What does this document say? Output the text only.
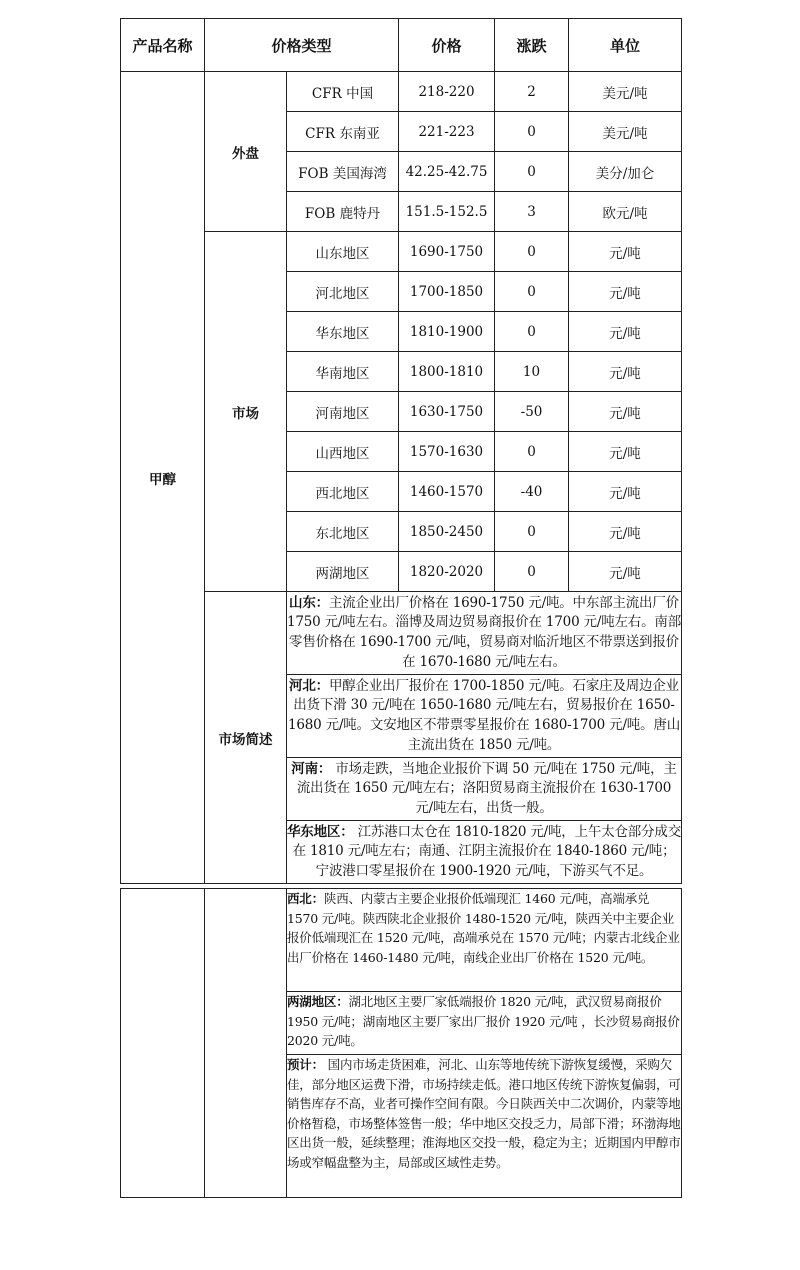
产品名称	价格类型		价格	涨跌	单位
甲醇	外盘	CFR 中国	218-220	2	美元/吨
		CFR 东南亚	221-223	0	美元/吨
		FOB 美国海湾	42.25-42.75	0	美分/加仑
		FOB 鹿特丹	151.5-152.5	3	欧元/吨
	市场	山东地区	1690-1750	0	元/吨
		河北地区	1700-1850	0	元/吨
		华东地区	1810-1900	0	元/吨
		华南地区	1800-1810	10	元/吨
		河南地区	1630-1750	-50	元/吨
		山西地区	1570-1630	0	元/吨
		西北地区	1460-1570	-40	元/吨
		东北地区	1850-2450	0	元/吨
		两湖地区	1820-2020	0	元/吨
	市场简述	山东：主流企业出厂价格在 1690-1750 元/吨。中东部主流出厂价 1750 元/吨左右。淄博及周边贸易商报价在 1700 元/吨左右。南部零售价格在 1690-1700 元/吨，贸易商对临沂地区不带票送到报价在 1670-1680 元/吨左右。			
		河北：甲醇企业出厂报价在 1700-1850 元/吨。石家庄及周边企业出货下滑 30 元/吨在 1650-1680 元/吨左右，贸易报价在 1650-1680 元/吨。文安地区不带票零星报价在 1680-1700 元/吨。唐山主流出货在 1850 元/吨。			
		河南： 市场走跌，当地企业报价下调 50 元/吨在 1750 元/吨，主流出货在 1650 元/吨左右；洛阳贸易商主流报价在 1630-1700 元/吨左右，出货一般。			
		华东地区： 江苏港口太仓在 1810-1820 元/吨，上午太仓部分成交在 1810 元/吨左右；南通、江阴主流报价在 1840-1860 元/吨；宁波港口零星报价在 1900-1920 元/吨，下游买气不足。			
		西北：陕西、内蒙古主要企业报价低端现汇 1460 元/吨，高端承兑 1570 元/吨。陕西陕北企业报价 1480-1520 元/吨，陕西关中主要企业报价低端现汇在 1520 元/吨，高端承兑在 1570 元/吨；内蒙古北线企业出厂价格在 1460-1480 元/吨，南线企业出厂价格在 1520 元/吨。
两湖地区：湖北地区主要厂家低端报价 1820 元/吨，武汉贸易商报价 1950 元/吨；湖南地区主要厂家出厂报价 1920 元/吨 ，长沙贸易商报价 2020 元/吨。
预计： 国内市场走货困难，河北、山东等地传统下游恢复缓慢，采购欠佳，部分地区运费下滑，市场持续走低。港口地区传统下游恢复偏弱，可销售库存不高，业者可操作空间有限。今日陕西关中二次调价，内蒙等地价格暂稳，市场整体签售一般；华中地区交投乏力，局部下滑；环渤海地区出货一般，延续整理；淮海地区交投一般，稳定为主；近期国内甲醇市场或窄幅盘整为主，局部或区域性走势。
